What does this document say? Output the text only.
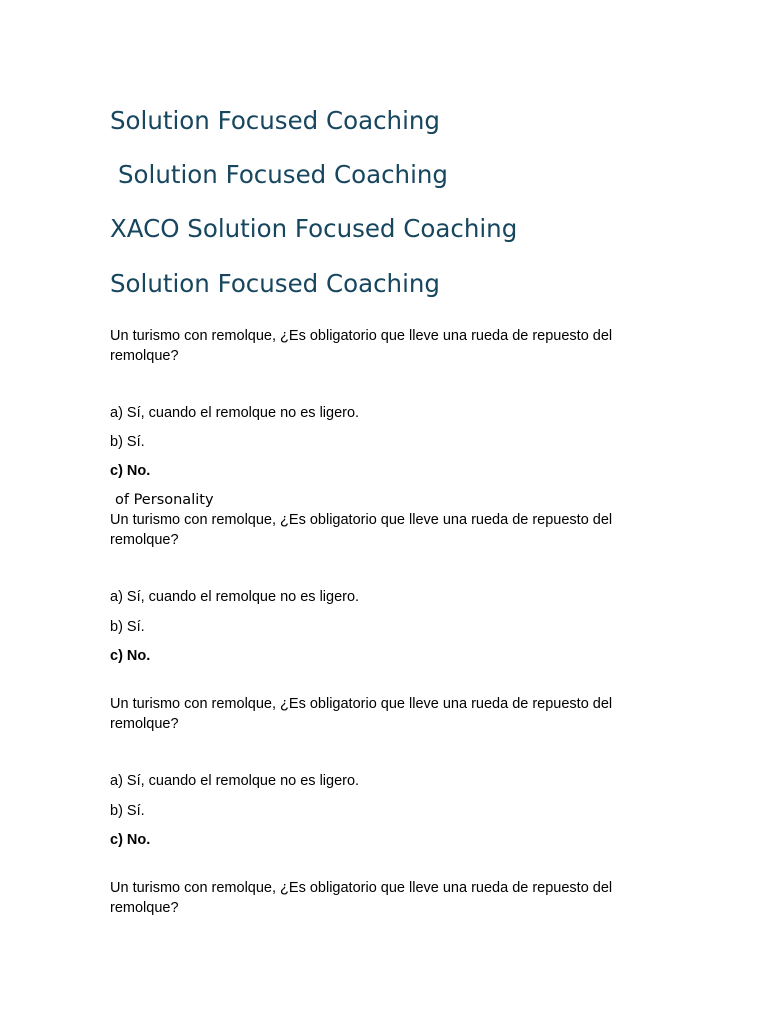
Solution Focused Coaching
Solution Focused Coaching
XACO Solution Focused Coaching
Solution Focused Coaching

Un turismo con remolque, ¿Es obligatorio que lleve una rueda de repuesto del remolque?

a) Sí, cuando el remolque no es ligero.

b) Sí.

c) No.

of Personality

Un turismo con remolque, ¿Es obligatorio que lleve una rueda de repuesto del remolque?

a) Sí, cuando el remolque no es ligero.

b) Sí.

c) No.

Un turismo con remolque, ¿Es obligatorio que lleve una rueda de repuesto del remolque?

a) Sí, cuando el remolque no es ligero.

b) Sí.

c) No.

Un turismo con remolque, ¿Es obligatorio que lleve una rueda de repuesto del remolque?
